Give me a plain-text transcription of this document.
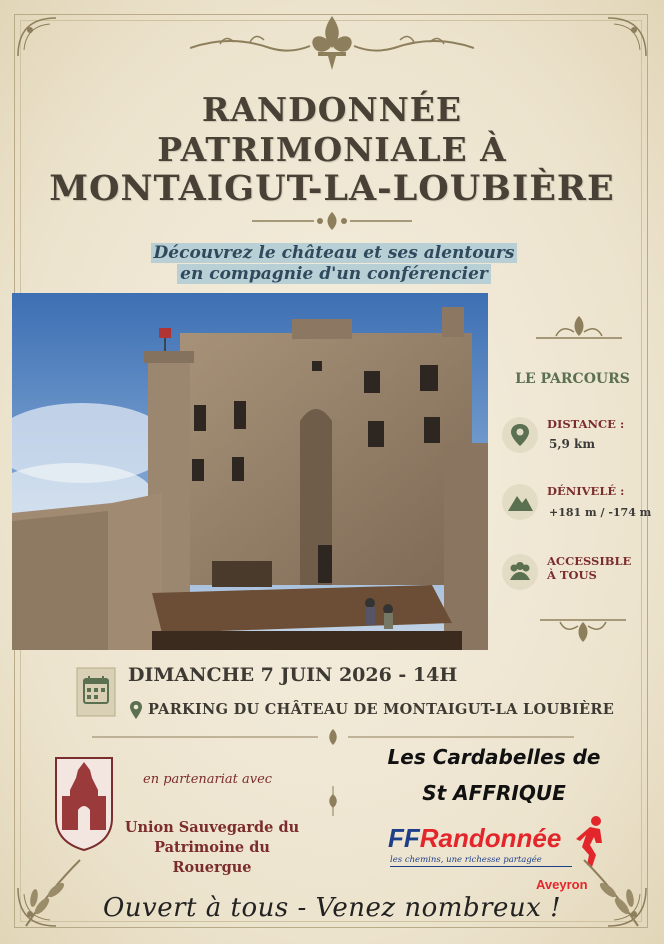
RANDONNÉE
PATRIMONIALE À
MONTAIGUT-LA-LOUBIÈRE
Découvrez le château et ses alentours
en compagnie d'un conférencier
LE PARCOURS
DISTANCE :
5,9 km
DÉNIVELÉ :
+181 m / -174 m
ACCESSIBLE
À TOUS
DIMANCHE 7 JUIN 2026 - 14H
PARKING DU CHÂTEAU DE MONTAIGUT-LA LOUBIÈRE
en partenariat avec
Union Sauvegarde du
Patrimoine du
Rouergue
Les Cardabelles de
St AFFRIQUE
FFRandonnée
les chemins, une richesse partagée
Aveyron
Ouvert à tous - Venez nombreux !
